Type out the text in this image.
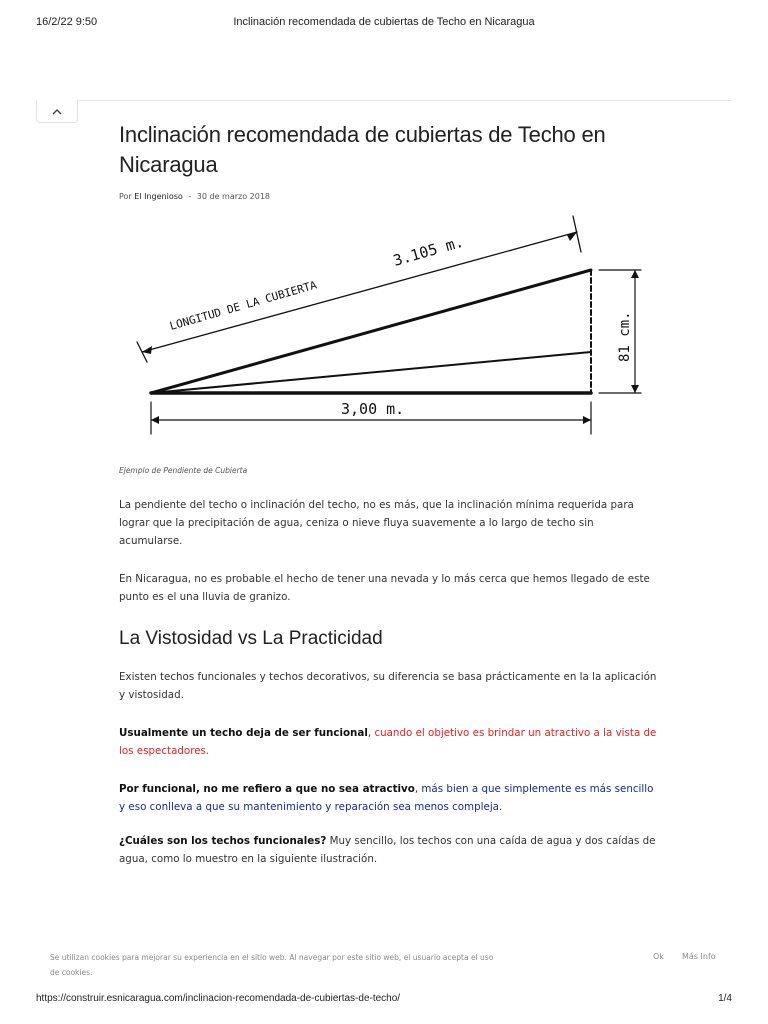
16/2/22 9:50	Inclinación recomendada de cubiertas de Techo en Nicaragua
Inclinación recomendada de cubiertas de Techo en Nicaragua
Por El Ingenioso - 30 de marzo 2018
LONGITUD DE LA CUBIERTA
3.105 m.
81 cm.
3,00 m.
Ejemplo de Pendiente de Cubierta

La pendiente del techo o inclinación del techo, no es más, que la inclinación mínima requerida para lograr que la precipitación de agua, ceniza o nieve fluya suavemente a lo largo de techo sin acumularse.

En Nicaragua, no es probable el hecho de tener una nevada y lo más cerca que hemos llegado de este punto es el una lluvia de granizo.

La Vistosidad vs La Practicidad

Existen techos funcionales y techos decorativos, su diferencia se basa prácticamente en la la aplicación y vistosidad.

Usualmente un techo deja de ser funcional, cuando el objetivo es brindar un atractivo a la vista de los espectadores.

Por funcional, no me refiero a que no sea atractivo, más bien a que simplemente es más sencillo y eso conlleva a que su mantenimiento y reparación sea menos compleja.

¿Cuáles son los techos funcionales? Muy sencillo, los techos con una caída de agua y dos caídas de agua, como lo muestro en la siguiente ilustración.

Se utilizan cookies para mejorar su experiencia en el sitio web. Al navegar por este sitio web, el usuario acepta el uso de cookies.
Ok Más Info
https://construir.esnicaragua.com/inclinacion-recomendada-de-cubiertas-de-techo/	1/4
